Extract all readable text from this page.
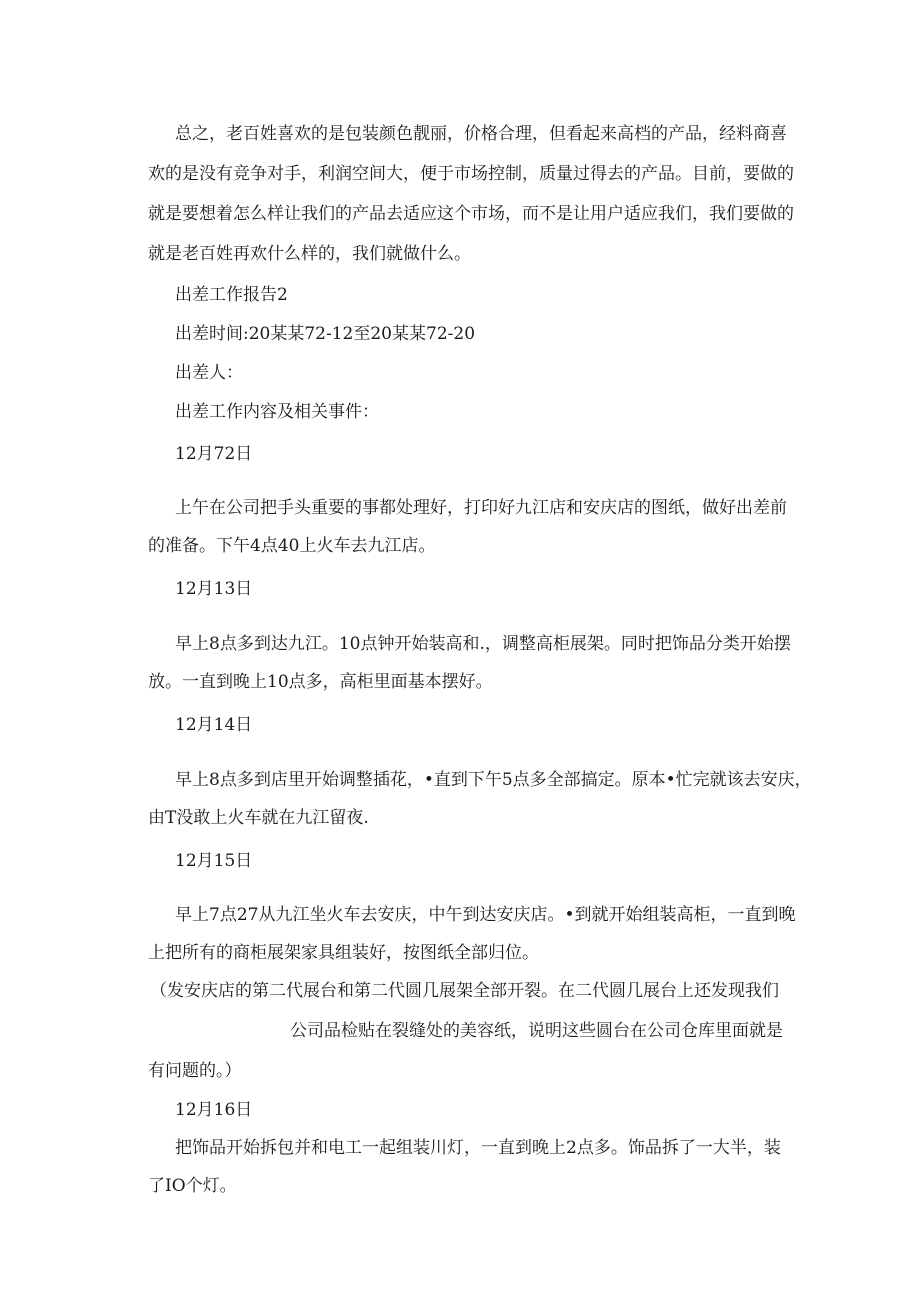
总之，老百姓喜欢的是包装颜色靓丽，价格合理，但看起来高档的产品，经料商喜
欢的是没有竞争对手，利润空间大，便于市场控制，质量过得去的产品。目前，要做的
就是要想着怎么样让我们的产品去适应这个市场，而不是让用户适应我们，我们要做的
就是老百姓再欢什么样的，我们就做什么。
出差工作报告2
出差时间:20某某72-12至20某某72-20
出差人：
出差工作内容及相关事件：
12月72日
上午在公司把手头重要的事都处理好，打印好九江店和安庆店的图纸，做好出差前
的准备。下午4点40上火车去九江店。
12月13日
早上8点多到达九江。10点钟开始装高和.，调整高柜展架。同时把饰品分类开始摆
放。一直到晚上10点多，高柜里面基本摆好。
12月14日
早上8点多到店里开始调整插花，•直到下午5点多全部搞定。原本•忙完就该去安庆，
由T没敢上火车就在九江留夜.
12月15日
早上7点27从九江坐火车去安庆，中午到达安庆店。•到就开始组装高柜，一直到晚
上把所有的商柜展架家具组装好，按图纸全部归位。
（发安庆店的第二代展台和第二代圆几展架全部开裂。在二代圆几展台上还发现我们
公司品检贴在裂缝处的美容纸，说明这些圆台在公司仓库里面就是
有问题的。）
12月16日
把饰品开始拆包并和电工一起组装川灯，一直到晚上2点多。饰品拆了一大半，装
了IO个灯。
